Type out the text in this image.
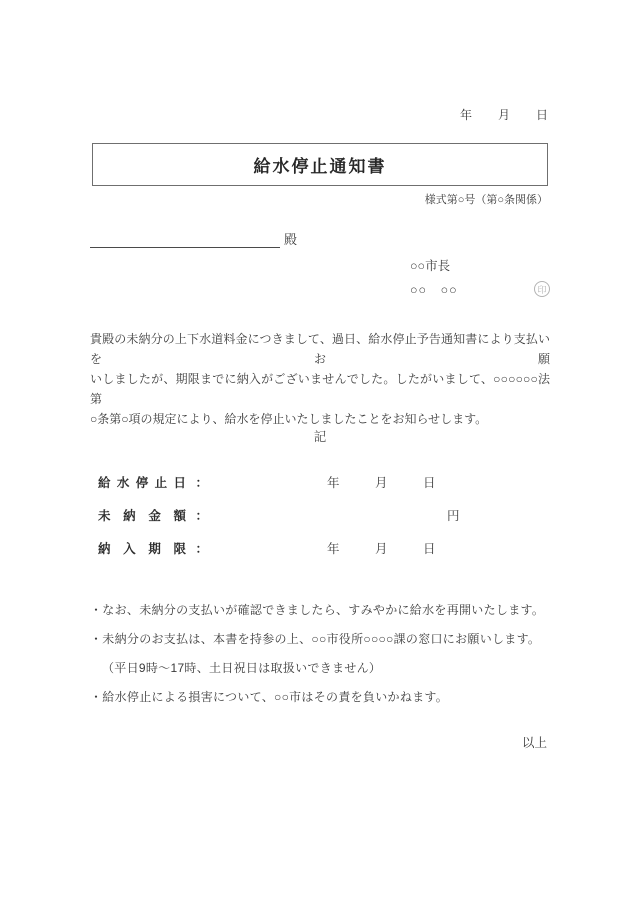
年 月 日
給水停止通知書
様式第○号（第○条関係）
殿
○○市長
○○　○○	印
貴殿の未納分の上下水道料金につきまして、過日、給水停止予告通知書により支払いをお願
いしましたが、期限までに納入がございませんでした。したがいまして、○○○○○○法第
○条第○項の規定により、給水を停止いたしましたことをお知らせします。
記
給水停止日 ：	年	月	日
未納金額 ：	円
納入期限 ：	年	月	日
・なお、未納分の支払いが確認できましたら、すみやかに給水を再開いたします。
・未納分のお支払は、本書を持参の上、○○市役所○○○○課の窓口にお願いします。
（平日9時～17時、土日祝日は取扱いできません）
・給水停止による損害について、○○市はその責を負いかねます。
以上
